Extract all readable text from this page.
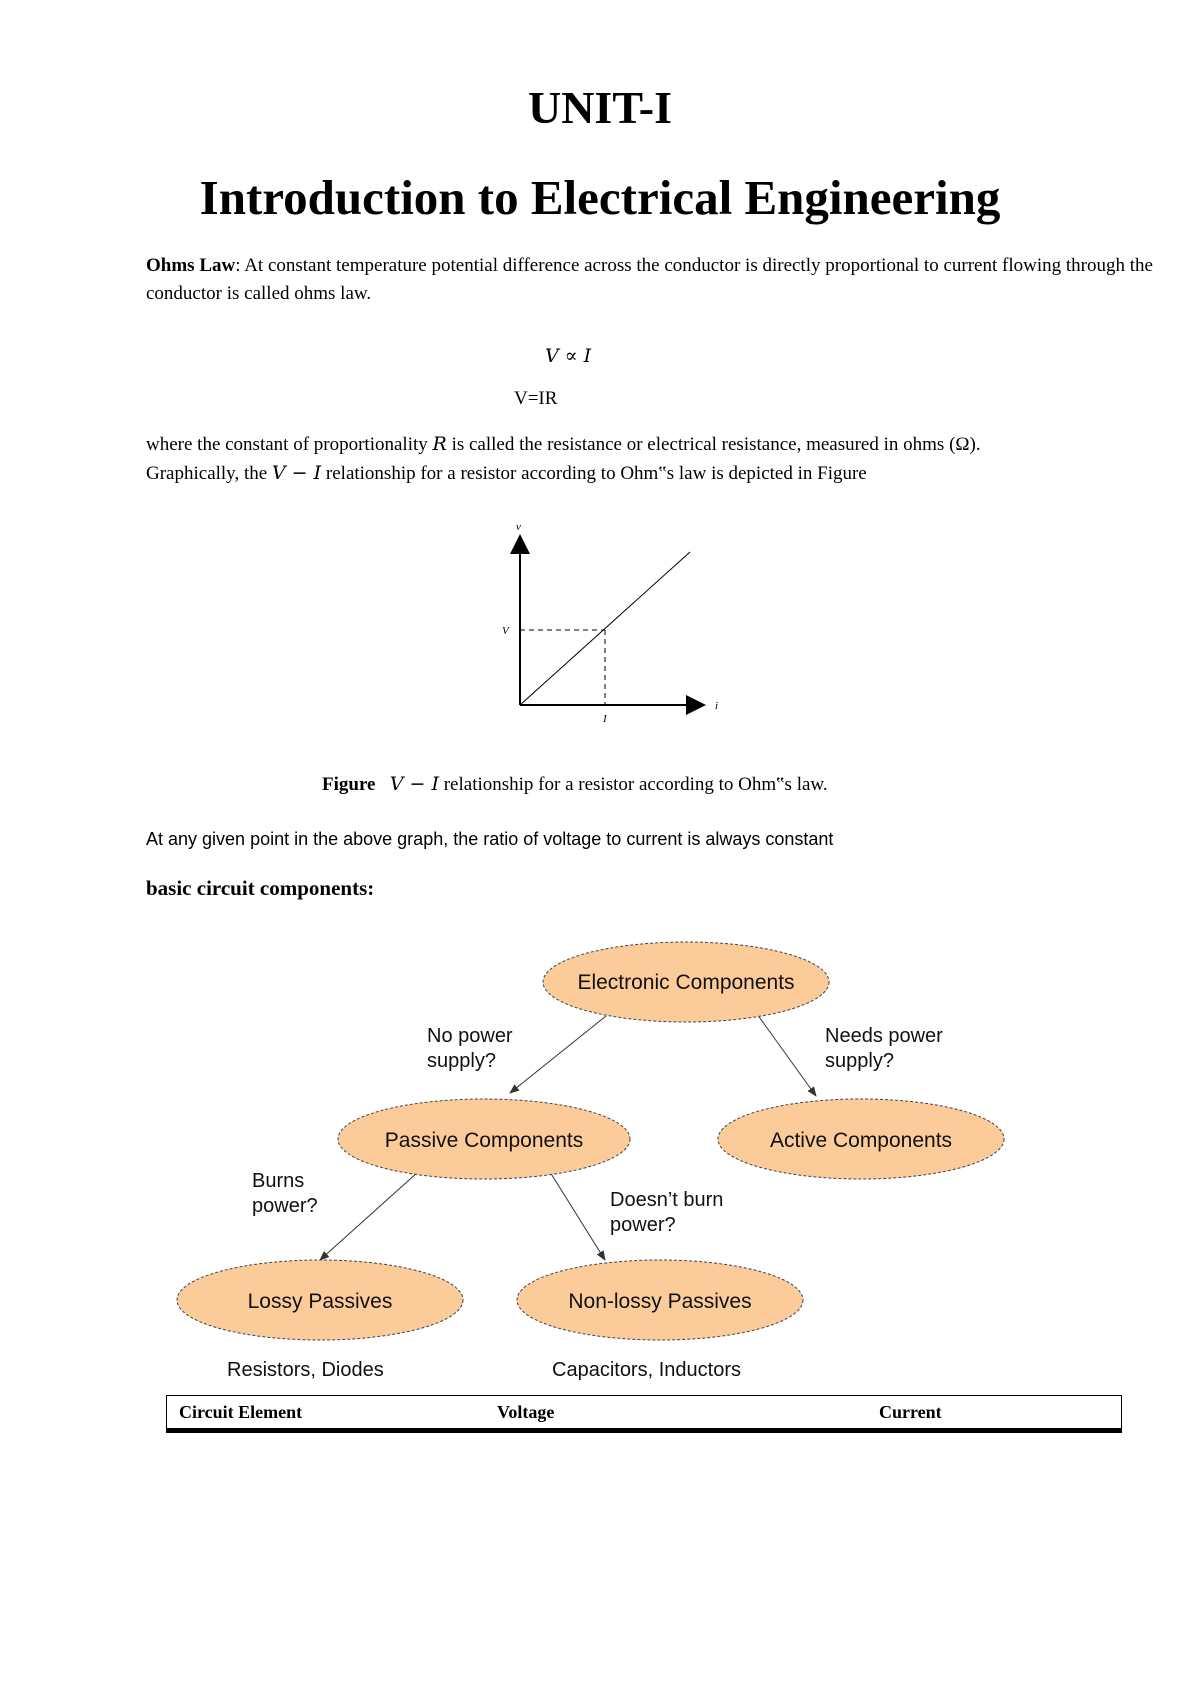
UNIT-I
Introduction to Electrical Engineering
Ohms Law: At constant temperature potential difference across the conductor is directly proportional to current flowing through the conductor is called ohms law.
V ∝ I
V=IR
where the constant of proportionality R is called the resistance or electrical resistance, measured in ohms (Ω). Graphically, the V − I relationship for a resistor according to Ohm‟s law is depicted in Figure
v
i
V
I
Figure V − I relationship for a resistor according to Ohm‟s law.
At any given point in the above graph, the ratio of voltage to current is always constant
basic circuit components:
Electronic Components
Passive Components	Active Components
Lossy Passives	Non-lossy Passives
No power
supply?
Needs power
supply?
Burns
power?	Doesn’t burn
power?
Resistors, Diodes	Capacitors, Inductors
Circuit Element	Voltage	Current
